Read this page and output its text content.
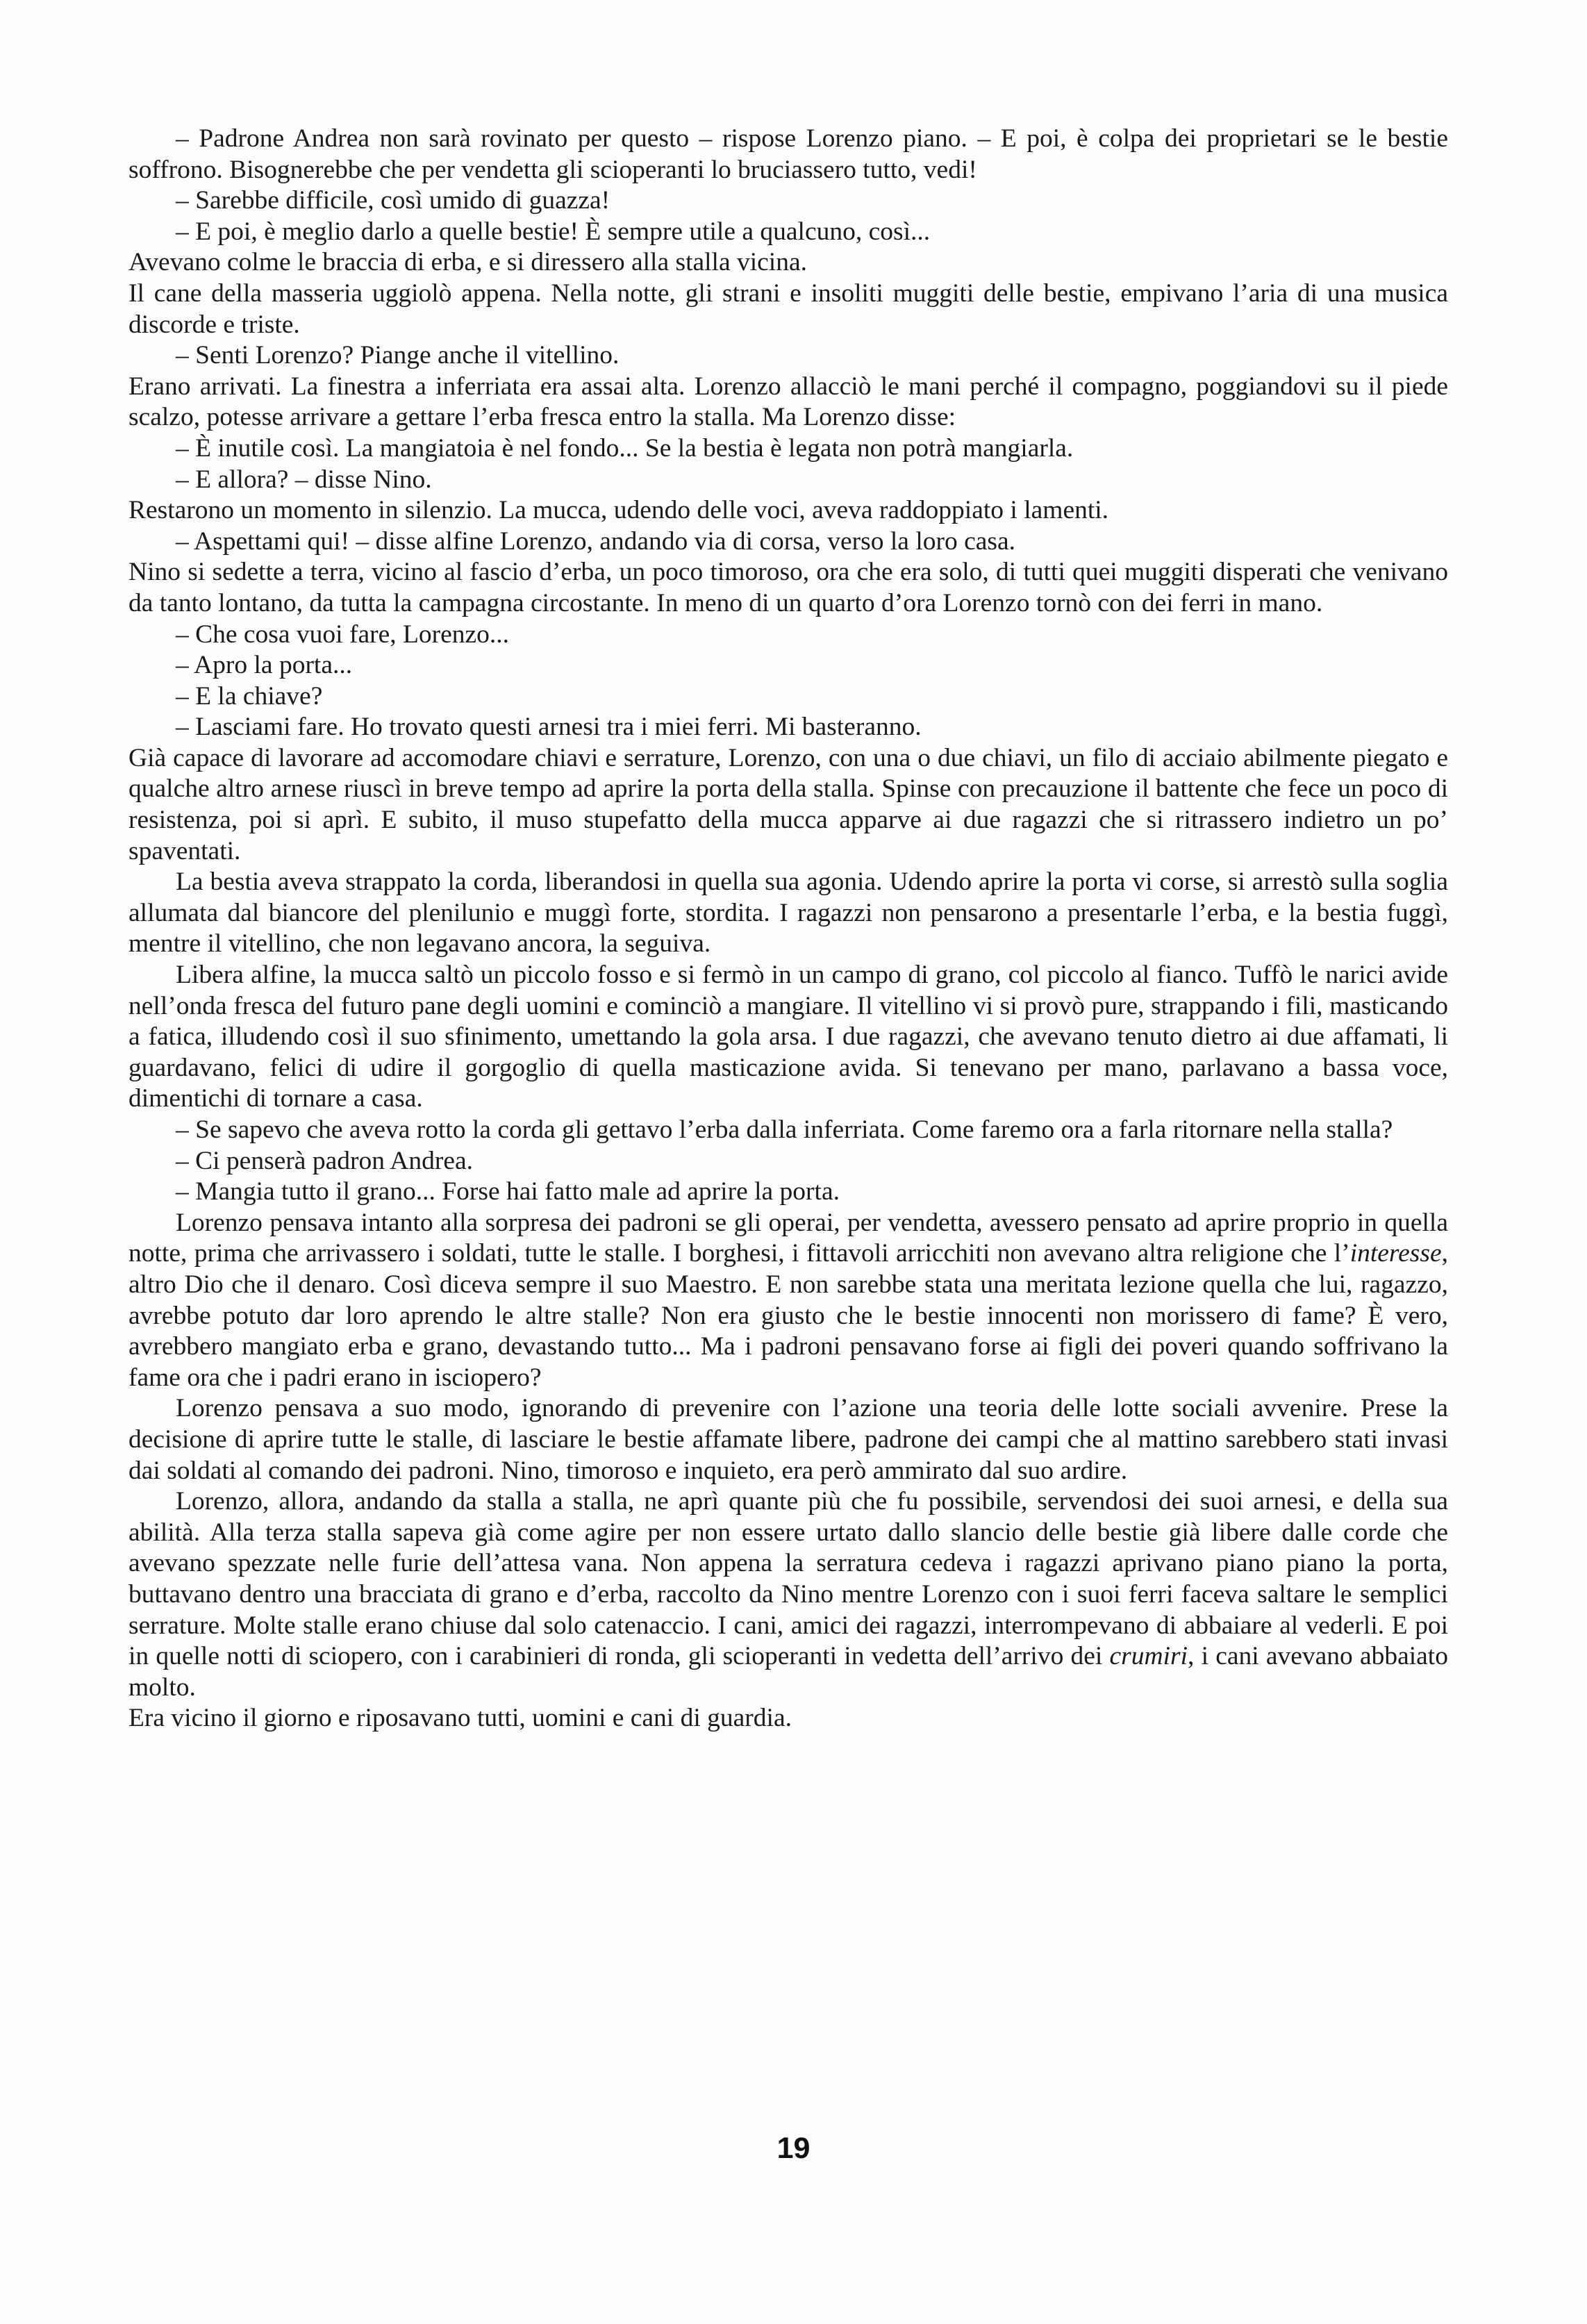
– Padrone Andrea non sarà rovinato per questo – rispose Lorenzo piano. – E poi, è colpa dei proprietari se le bestie soffrono. Bisognerebbe che per vendetta gli scioperanti lo bruciassero tutto, vedi!

– Sarebbe difficile, così umido di guazza!

– E poi, è meglio darlo a quelle bestie! È sempre utile a qualcuno, così...

Avevano colme le braccia di erba, e si diressero alla stalla vicina.

Il cane della masseria uggiolò appena. Nella notte, gli strani e insoliti muggiti delle bestie, empivano l’aria di una musica discorde e triste.

– Senti Lorenzo? Piange anche il vitellino.

Erano arrivati. La finestra a inferriata era assai alta. Lorenzo allacciò le mani perché il compagno, poggiandovi su il piede scalzo, potesse arrivare a gettare l’erba fresca entro la stalla. Ma Lorenzo disse:

– È inutile così. La mangiatoia è nel fondo... Se la bestia è legata non potrà mangiarla.

– E allora? – disse Nino.

Restarono un momento in silenzio. La mucca, udendo delle voci, aveva raddoppiato i lamenti.

– Aspettami qui! – disse alfine Lorenzo, andando via di corsa, verso la loro casa.

Nino si sedette a terra, vicino al fascio d’erba, un poco timoroso, ora che era solo, di tutti quei muggiti disperati che venivano da tanto lontano, da tutta la campagna circostante. In meno di un quarto d’ora Lorenzo tornò con dei ferri in mano.

– Che cosa vuoi fare, Lorenzo...

– Apro la porta...

– E la chiave?

– Lasciami fare. Ho trovato questi arnesi tra i miei ferri. Mi basteranno.

Già capace di lavorare ad accomodare chiavi e serrature, Lorenzo, con una o due chiavi, un filo di acciaio abilmente piegato e qualche altro arnese riuscì in breve tempo ad aprire la porta della stalla. Spinse con precauzione il battente che fece un poco di resistenza, poi si aprì. E subito, il muso stupefatto della mucca apparve ai due ragazzi che si ritrassero indietro un po’ spaventati.

La bestia aveva strappato la corda, liberandosi in quella sua agonia. Udendo aprire la porta vi corse, si arrestò sulla soglia allumata dal biancore del plenilunio e muggì forte, stordita. I ragazzi non pensarono a presentarle l’erba, e la bestia fuggì, mentre il vitellino, che non legavano ancora, la seguiva.

Libera alfine, la mucca saltò un piccolo fosso e si fermò in un campo di grano, col piccolo al fianco. Tuffò le narici avide nell’onda fresca del futuro pane degli uomini e cominciò a mangiare. Il vitellino vi si provò pure, strappando i fili, masticando a fatica, illudendo così il suo sfinimento, umettando la gola arsa. I due ragazzi, che avevano tenuto dietro ai due affamati, li guardavano, felici di udire il gorgoglio di quella masticazione avida. Si tenevano per mano, parlavano a bassa voce, dimentichi di tornare a casa.

– Se sapevo che aveva rotto la corda gli gettavo l’erba dalla inferriata. Come faremo ora a farla ritornare nella stalla?

– Ci penserà padron Andrea.

– Mangia tutto il grano... Forse hai fatto male ad aprire la porta.

Lorenzo pensava intanto alla sorpresa dei padroni se gli operai, per vendetta, avessero pensato ad aprire proprio in quella notte, prima che arrivassero i soldati, tutte le stalle. I borghesi, i fittavoli arricchiti non avevano altra religione che l’interesse, altro Dio che il denaro. Così diceva sempre il suo Maestro. E non sarebbe stata una meritata lezione quella che lui, ragazzo, avrebbe potuto dar loro aprendo le altre stalle? Non era giusto che le bestie innocenti non morissero di fame? È vero, avrebbero mangiato erba e grano, devastando tutto... Ma i padroni pensavano forse ai figli dei poveri quando soffrivano la fame ora che i padri erano in isciopero?

Lorenzo pensava a suo modo, ignorando di prevenire con l’azione una teoria delle lotte sociali avvenire. Prese la decisione di aprire tutte le stalle, di lasciare le bestie affamate libere, padrone dei campi che al mattino sarebbero stati invasi dai soldati al comando dei padroni. Nino, timoroso e inquieto, era però ammirato dal suo ardire.

Lorenzo, allora, andando da stalla a stalla, ne aprì quante più che fu possibile, servendosi dei suoi arnesi, e della sua abilità. Alla terza stalla sapeva già come agire per non essere urtato dallo slancio delle bestie già libere dalle corde che avevano spezzate nelle furie dell’attesa vana. Non appena la serratura cedeva i ragazzi aprivano piano piano la porta, buttavano dentro una bracciata di grano e d’erba, raccolto da Nino mentre Lorenzo con i suoi ferri faceva saltare le semplici serrature. Molte stalle erano chiuse dal solo catenaccio. I cani, amici dei ragazzi, interrompevano di abbaiare al vederli. E poi in quelle notti di sciopero, con i carabinieri di ronda, gli scioperanti in vedetta dell’arrivo dei crumiri, i cani avevano abbaiato molto.

Era vicino il giorno e riposavano tutti, uomini e cani di guardia.

19
